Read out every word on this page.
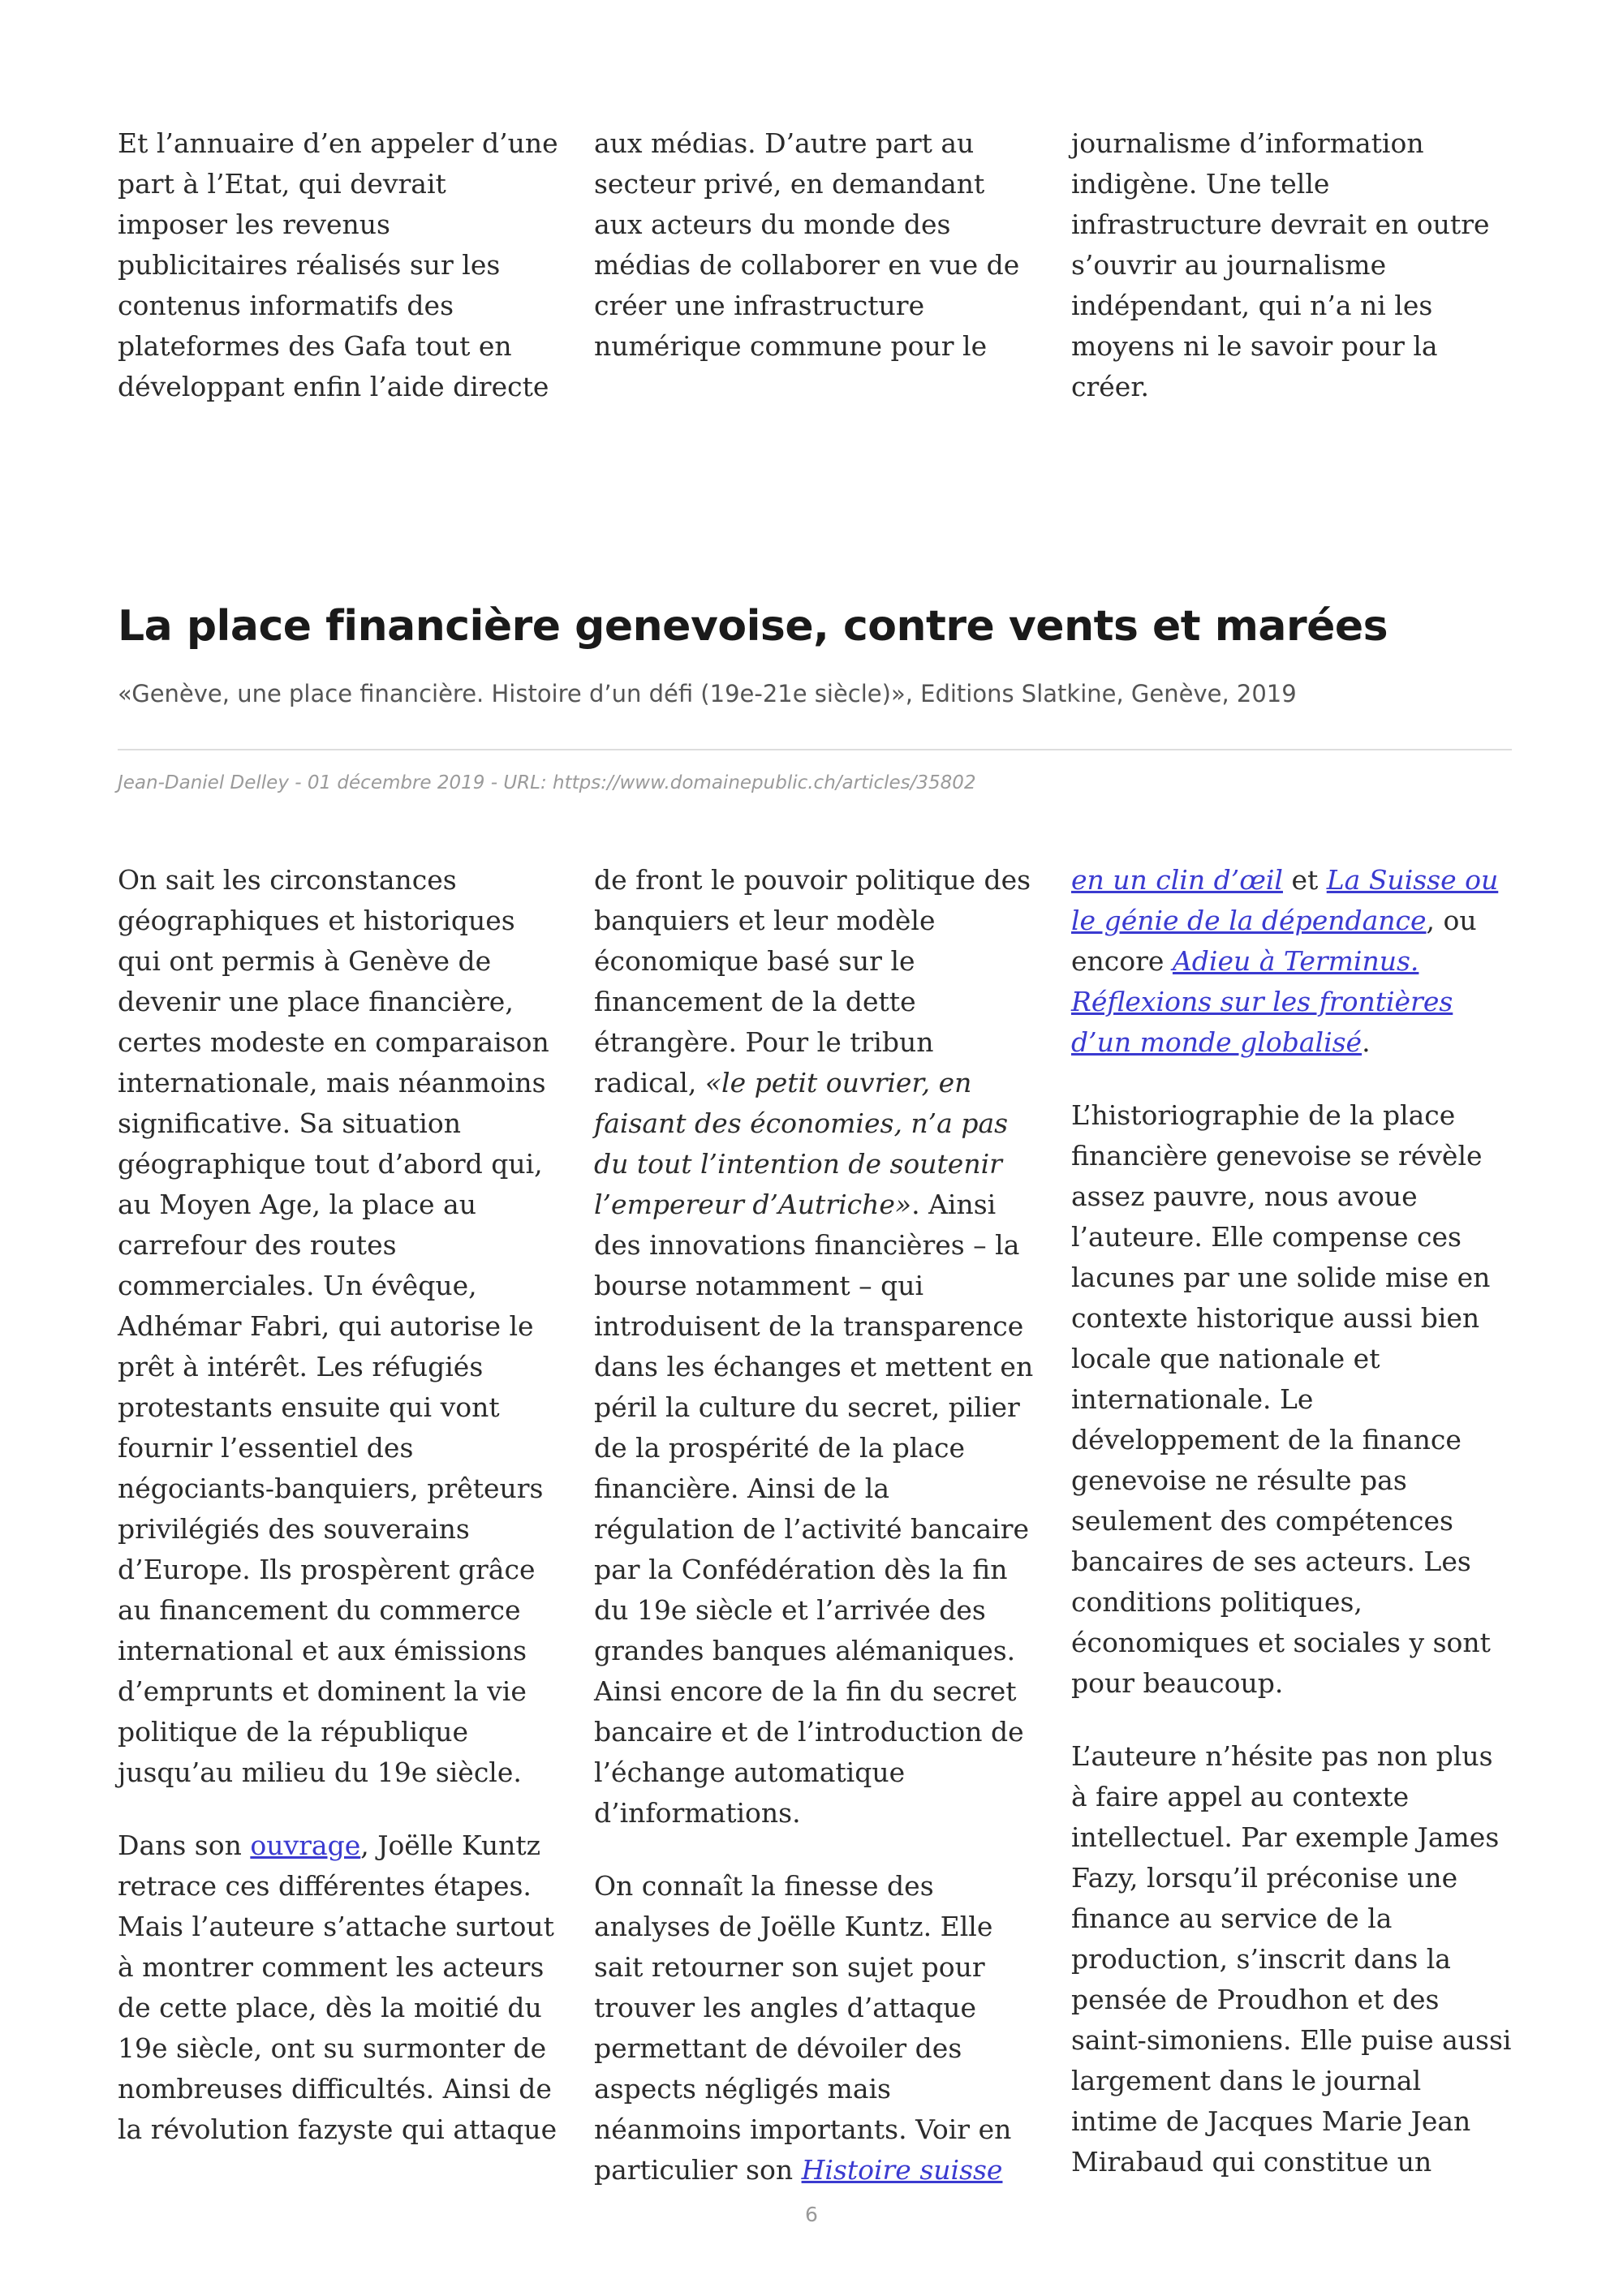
Et l’annuaire d’en appeler d’une part à l’Etat, qui devrait imposer les revenus publicitaires réalisés sur les contenus informatifs des plateformes des Gafa tout en développant enfin l’aide directe

aux médias. D’autre part au secteur privé, en demandant aux acteurs du monde des médias de collaborer en vue de créer une infrastructure numérique commune pour le

journalisme d’information indigène. Une telle infrastructure devrait en outre s’ouvrir au journalisme indépendant, qui n’a ni les moyens ni le savoir pour la créer.

La place financière genevoise, contre vents et marées
«Genève, une place financière. Histoire d’un défi (19e-21e siècle)», Editions Slatkine, Genève, 2019
Jean-Daniel Delley - 01 décembre 2019 - URL: https://www.domainepublic.ch/articles/35802

On sait les circonstances géographiques et historiques qui ont permis à Genève de devenir une place financière, certes modeste en comparaison internationale, mais néanmoins significative. Sa situation géographique tout d’abord qui, au Moyen Age, la place au carrefour des routes commerciales. Un évêque, Adhémar Fabri, qui autorise le prêt à intérêt. Les réfugiés protestants ensuite qui vont fournir l’essentiel des négociants-banquiers, prêteurs privilégiés des souverains d’Europe. Ils prospèrent grâce au financement du commerce international et aux émissions d’emprunts et dominent la vie politique de la république jusqu’au milieu du 19e siècle.

Dans son ouvrage, Joëlle Kuntz retrace ces différentes étapes. Mais l’auteure s’attache surtout à montrer comment les acteurs de cette place, dès la moitié du 19e siècle, ont su surmonter de nombreuses difficultés. Ainsi de la révolution fazyste qui attaque

de front le pouvoir politique des banquiers et leur modèle économique basé sur le financement de la dette étrangère. Pour le tribun radical, «le petit ouvrier, en faisant des économies, n’a pas du tout l’intention de soutenir l’empereur d’Autriche». Ainsi des innovations financières – la bourse notamment – qui introduisent de la transparence dans les échanges et mettent en péril la culture du secret, pilier de la prospérité de la place financière. Ainsi de la régulation de l’activité bancaire par la Confédération dès la fin du 19e siècle et l’arrivée des grandes banques alémaniques. Ainsi encore de la fin du secret bancaire et de l’introduction de l’échange automatique d’informations.

On connaît la finesse des analyses de Joëlle Kuntz. Elle sait retourner son sujet pour trouver les angles d’attaque permettant de dévoiler des aspects négligés mais néanmoins importants. Voir en particulier son Histoire suisse

en un clin d’œil et La Suisse ou le génie de la dépendance, ou encore Adieu à Terminus. Réflexions sur les frontières d’un monde globalisé.

L’historiographie de la place financière genevoise se révèle assez pauvre, nous avoue l’auteure. Elle compense ces lacunes par une solide mise en contexte historique aussi bien locale que nationale et internationale. Le développement de la finance genevoise ne résulte pas seulement des compétences bancaires de ses acteurs. Les conditions politiques, économiques et sociales y sont pour beaucoup.

L’auteure n’hésite pas non plus à faire appel au contexte intellectuel. Par exemple James Fazy, lorsqu’il préconise une finance au service de la production, s’inscrit dans la pensée de Proudhon et des saint-simoniens. Elle puise aussi largement dans le journal intime de Jacques Marie Jean Mirabaud qui constitue un

6
